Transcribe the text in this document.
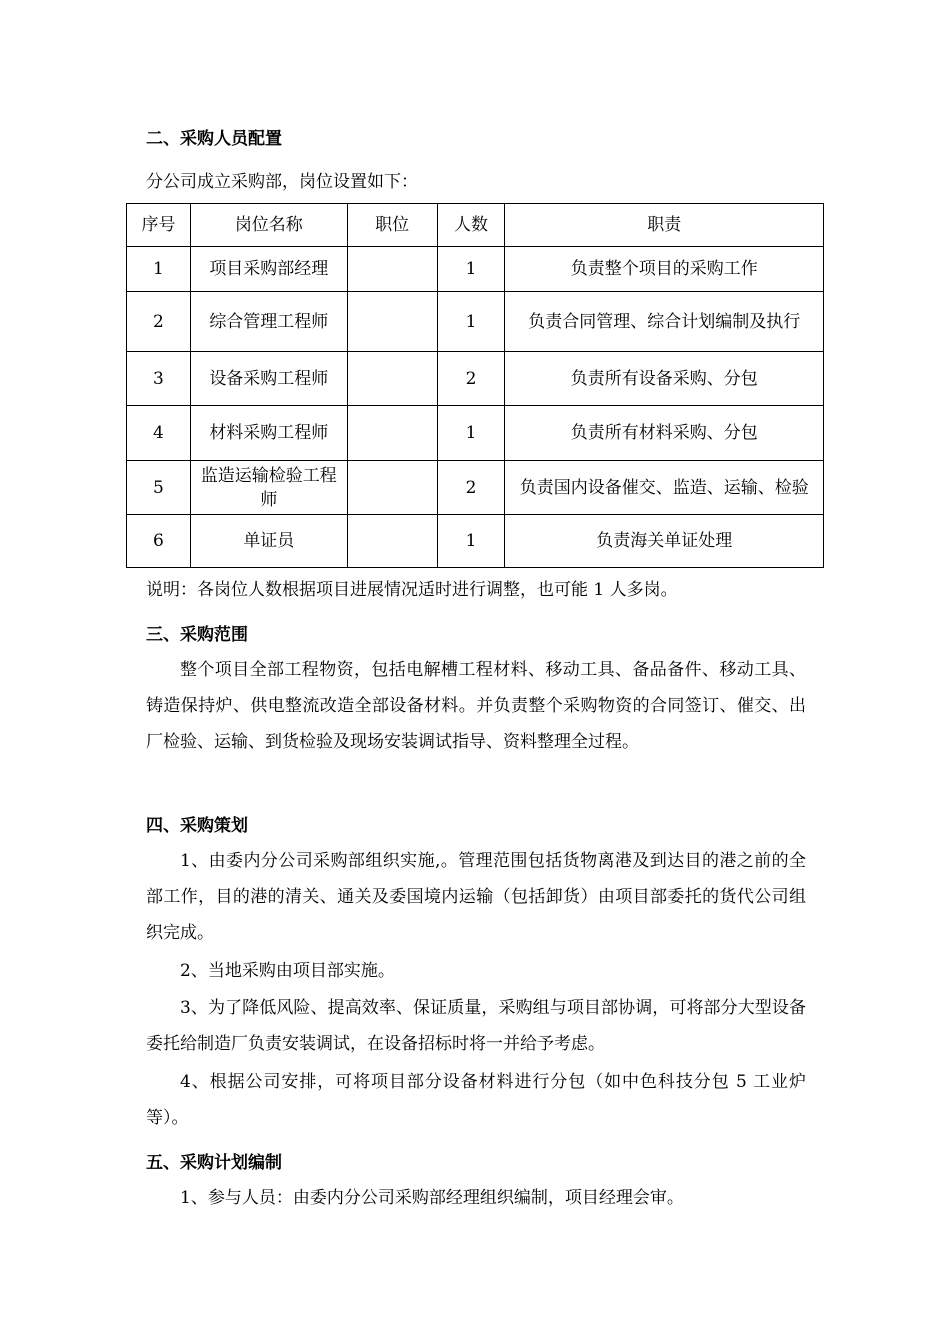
二、采购人员配置
分公司成立采购部，岗位设置如下：
序号	岗位名称	职位	人数	职责
1	项目采购部经理		1	负责整个项目的采购工作
2	综合管理工程师		1	负责合同管理、综合计划编制及执行
3	设备采购工程师		2	负责所有设备采购、分包
4	材料采购工程师		1	负责所有材料采购、分包
5	监造运输检验工程师		2	负责国内设备催交、监造、运输、检验
6	单证员		1	负责海关单证处理
说明：各岗位人数根据项目进展情况适时进行调整，也可能 1 人多岗。
三、采购范围
整个项目全部工程物资，包括电解槽工程材料、移动工具、备品备件、移动工具、铸造保持炉、供电整流改造全部设备材料。并负责整个采购物资的合同签订、催交、出厂检验、运输、到货检验及现场安装调试指导、资料整理全过程。
四、采购策划
1、由委内分公司采购部组织实施,。管理范围包括货物离港及到达目的港之前的全部工作，目的港的清关、通关及委国境内运输（包括卸货）由项目部委托的货代公司组织完成。
2、当地采购由项目部实施。
3、为了降低风险、提高效率、保证质量，采购组与项目部协调，可将部分大型设备委托给制造厂负责安装调试，在设备招标时将一并给予考虑。
4、根据公司安排，可将项目部分设备材料进行分包（如中色科技分包 5 工业炉等）。
五、采购计划编制
1、参与人员：由委内分公司采购部经理组织编制，项目经理会审。
